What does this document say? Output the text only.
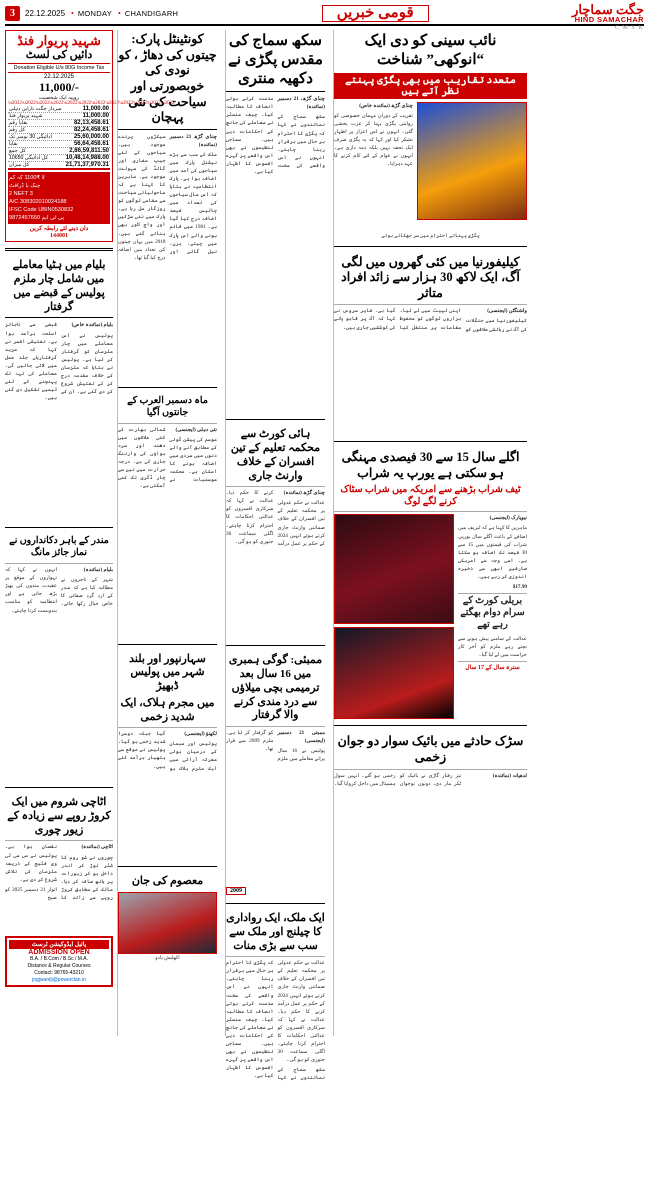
3	22.12.2025 • MONDAY • CHANDIGARH	قومی خبریں	جگت سماچار
HIND SAMACHAR
C M Y K
شہید پریوار فنڈ
دائیں کی لسٹ
Donation Eligible U/s 80G Income Tax
22.12.2025
11,000/-
روپیہ ایک شخصیت
\u2022\u2022\u2022\u2022\u2022\u2022\u2022\u2022\u2022\u2022\u2022\u2022
سردار جگت ناراین دہلی	11,000.00
شہید پریوار فنڈ	11,000.00
بقایا رقم	82,13,458.61
کل رقم	82,24,458.61
ادائیگی 30 نومبر تک	25,60,000.00
بقایا	56,64,458.61
کل جمع	2,86,59,811.50
کل ادائیگی 10650	10,48,14,988.00
کل میزان	21,71,37,970.31
لا ₹1100 کہ کم
چیک یا ڈرافٹ
2 NEFT 3
A/C 308302010024188
IFSC Code UBIN0530832
9872457650 پی ٹی ایم
دان دینے لئے رابطہ کریں
144001
بلیام میں ہٹیا معاملے میں شامل چار ملزم پولیس کے قبضے میں گرفتار

بلیام (نمائندہ خاص)

پولیس نے اس معاملے میں چار ملزمان کو گرفتار کر لیا ہے۔ پولیس نے بتایا کہ ملزمان کے خلاف مقدمہ درج کر کے تفتیش شروع کر دی گئی ہے۔ ان کے قبضے سے ناجائز اسلحہ برآمد ہوا ہے۔ تفتیشی افسر نے کہا کہ مزید گرفتاریاں جلد عمل میں لائی جائیں گی۔ معاملے کی تہہ تک پہنچنے کے لئے ٹیمیں تشکیل دی گئی ہیں۔

مندر کے باہر دکانداروں نے نماز جائز مانگ

بلیام (نمائندہ)

شہر کے تاجروں نے مطالبہ کیا ہے کہ مندر کے ارد گرد صفائی کا خاص خیال رکھا جائے۔ انہوں نے کہا کہ تہواروں کے موقع پر عقیدت مندوں کی بھیڑ بڑھ جاتی ہے اور انتظامیہ کو مناسب بندوبست کرنا چاہئے۔

اٹاچی شروم میں ایک کروڑ روپے سے زیادہ کے زیور چوری

اٹاچی (نمائندہ)

چوروں نے شو روم کا شٹر توڑ کر اندر داخل ہو کر زیورات پر ہاتھ صاف کر دیا۔ مالک کے مطابق کروڑ روپے سے زائد کا نقصان ہوا ہے۔ پولیس نے سی سی ٹی وی فٹیج کے ذریعہ ملزمان کی تلاش شروع کر دی ہے۔

اتوار 21 دسمبر 2025 کو صبح

پائیل ایڈوکیشن ٹرسٹ
ADMISSION OPEN
B.A. / B.Com / B.Sc / M.A.
Distance & Regular Courses
Contact: 98765-43210
jogjwantji@powerclan.in
کونٹینٹل پارک: چیتوں کی دھاڑ ، کو نودی کی خوبصورتی اور سیاحت کی نئی پہچان

چنڈی گڑھ 21 دسمبر (نمائندہ)

ملک کے سب سے بڑے نیشنل پارک میں سیاحوں کی آمد میں اضافہ ہوا ہے۔ پارک انتظامیہ نے بتایا کہ اس سال سیاحوں کی تعداد میں چالیس فیصد اضافہ درج کیا گیا ہے۔ 1981 میں قائم ہونے والے اس پارک میں چیتے، ہرن، نیل گائے اور سیکڑوں پرندے موجود ہیں۔ سیاحوں کے لئے جیپ سفاری اور گائڈ کی سہولت موجود ہے۔ ماہرین کا کہنا ہے کہ ماحولیاتی سیاحت سے مقامی لوگوں کو روزگار مل رہا ہے۔ پارک میں نئی سڑکیں اور واچ ٹاور بھی بنائے گئے ہیں۔ 2018 میں یہاں چیتوں کی تعداد میں اضافہ درج کیا گیا تھا۔

ماہ دسمبر العرب کے جانتوں آگیا

نئی دہلی (ایجنسی)

موسم کی پیشن گوئی کے مطابق آنے والے دنوں میں سردی میں اضافہ ہونے کا امکان ہے۔ محکمہ موسمیات نے شمالی بھارت کے کئی علاقوں میں دھند اور سرد ہواؤں کی وارننگ جاری کی ہے۔ درجہ حرارت میں تین سے چار ڈگری تک کمی آسکتی ہے۔

سہارنپور اور بلند شہر میں پولیس ڈبھیڑ
میں مجرم ہلاک، ایک شدید زخمی

لکھنؤ (ایجنسی)

پولیس اور مبمان کے درمیان ہوئی معرکہ آرائی میں ایک ملزم ہلاک ہو گیا جبکہ دوسرا شدید زخمی ہو گیا۔ پولیس نے موقع سے ہتھیار برآمد کئے ہیں۔

معصوم کی جان
اکھلیش یادو
سکھ سماج کی مقدس پگڑی نے دکھیہ منتری

چنڈی گڑھ، 21 دسمبر (نمائندہ)

سکھ سماج کے نمائندوں نے کہا کہ پگڑی کا احترام ہر حال میں برقرار رہنا چاہئے۔ انہوں نے اس واقعے کی سخت مذمت کرتے ہوئے انصاف کا مطالبہ کیا۔ چیف منسٹر نے معاملے کی جانچ کے احکامات دیے ہیں۔ سماجی تنظیموں نے بھی اس واقعے پر گہرے افسوس کا اظہار کیا ہے۔

ہائی کورٹ سے محکمہ تعلیم کے تین افسران کے خلاف وارنٹ جاری

چنڈی گڑھ (نمائندہ)

عدالت نے حکم عدولی پر محکمہ تعلیم کے تین افسران کے خلاف ضمانتی وارنٹ جاری کرتے ہوئے انہیں 2024 کے حکم پر عمل درآمد کرنے کا حکم دیا۔ عدالت نے کہا کہ سرکاری افسروں کو عدالتی احکامات کا احترام کرنا چاہئے۔ اگلی سماعت 30 جنوری کو ہو گی۔

ممبئی: گوگی ہمبری میں 16 سال بعد ترمیمی بچی میلاؤں سے درد مندی کرنے والا گرفتار

ممبئی 21 دسمبر (ایجنسی)

پولیس نے 16 سال پرانے معاملے میں ملزم کو گرفتار کر لیا ہے۔ ملزم 2009 سے فرار تھا۔

2009
ایک ملک، ایک رواداری کا چیلنج اور ملک سے سب سے بڑی منات

عدالت نے حکم عدولی پر محکمہ تعلیم کے تین افسران کے خلاف ضمانتی وارنٹ جاری کرتے ہوئے انہیں 2024 کے حکم پر عمل درآمد کرنے کا حکم دیا۔ عدالت نے کہا کہ سرکاری افسروں کو عدالتی احکامات کا احترام کرنا چاہئے۔ اگلی سماعت 30 جنوری کو ہو گی۔

سکھ سماج کے نمائندوں نے کہا کہ پگڑی کا احترام ہر حال میں برقرار رہنا چاہئے۔ انہوں نے اس واقعے کی سخت مذمت کرتے ہوئے انصاف کا مطالبہ کیا۔ چیف منسٹر نے معاملے کی جانچ کے احکامات دیے ہیں۔ سماجی تنظیموں نے بھی اس واقعے پر گہرے افسوس کا اظہار کیا ہے۔

نائب سینی کو دی ایک “انوکھی” شناخت
متعدد تقاریب میں بھی پگڑی پہنتے نظر آتے ہیں

چنڈی گڑھ (نمائندہ خاص)

تقریب کے دوران مہمان خصوصی کو روایتی پگڑی پہنا کر عزت بخشی گئی۔ انہوں نے اس اعزاز پر اظہار تشکر کیا اور کہا کہ یہ پگڑی صرف ایک تحفہ نہیں بلکہ ذمہ داری ہے۔ انہوں نے عوام کے لئے کام کرنے کا عہد دہرایا۔

پگڑی پہنائے احترام میں سر جھکاتے ہوئے
کیلیفورنیا میں کئی گھروں میں لگی آگ، ایک لاکھ 30 ہزار سے زائد افراد متاثر

واشنگٹن (ایجنسی)

کیلیفورنیا میں جنگلات کی آگ نے رہائشی علاقوں کو اپنی لپیٹ میں لے لیا۔ ہزاروں لوگوں کو محفوظ مقامات پر منتقل کیا گیا ہے۔ فایر سروس نے کہا کہ آگ پر قابو پانے کی کوششیں جاری ہیں۔

اگلے سال 15 سے 30 فیصدی مہنگی ہو سکتی ہے یورپ یہ شراب
ٹیف شراب بڑھنے سے امریکہ میں شراب سٹاک کرنے لگے لوگ

نیویارک (ایجنسی)

ماہرین کا کہنا ہے کہ ٹیریف میں اضافے کے باعث اگلے سال یورپی شراب کی قیمتوں میں 15 سے 30 فیصد تک اضافہ ہو سکتا ہے۔ اسی وجہ سے امریکی صارفین ابھی سے ذخیرہ اندوزی کر رہے ہیں۔

$17.99

بریلی کورٹ کے سرام دوام بھگتے رہے تھے

عدالت کے سامنے پیش ہونے سے بچتے رہے ملزم کو آخر کار حراست میں لے لیا گیا۔

سترہ سال کے 17 سال
سڑک حادثے میں بائیک سوار دو جوان زخمی

لدھیانہ (نمائندہ)

تیز رفتار گاڑی نے بائیک کو ٹکر مار دی، دونوں نوجوان زخمی ہو گئے۔ انہیں سول ہسپتال میں داخل کروایا گیا۔
